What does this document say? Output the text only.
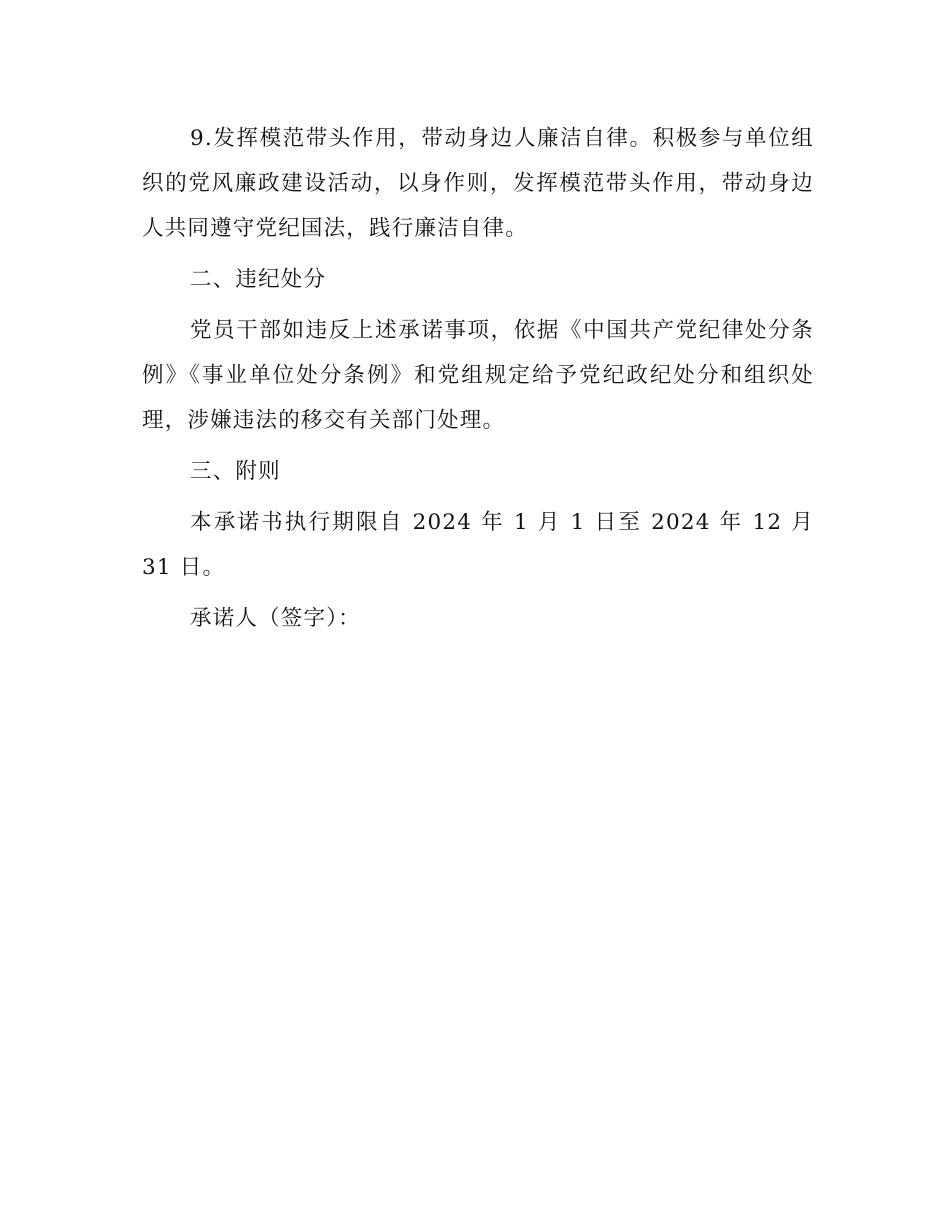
9.发挥模范带头作用，带动身边人廉洁自律。积极参与单位组织的党风廉政建设活动，以身作则，发挥模范带头作用，带动身边人共同遵守党纪国法，践行廉洁自律。

二、违纪处分

党员干部如违反上述承诺事项，依据《中国共产党纪律处分条例》《事业单位处分条例》和党组规定给予党纪政纪处分和组织处理，涉嫌违法的移交有关部门处理。

三、附则

本承诺书执行期限自 2024 年 1 月 1 日至 2024 年 12 月 31 日。

承诺人（签字）：
